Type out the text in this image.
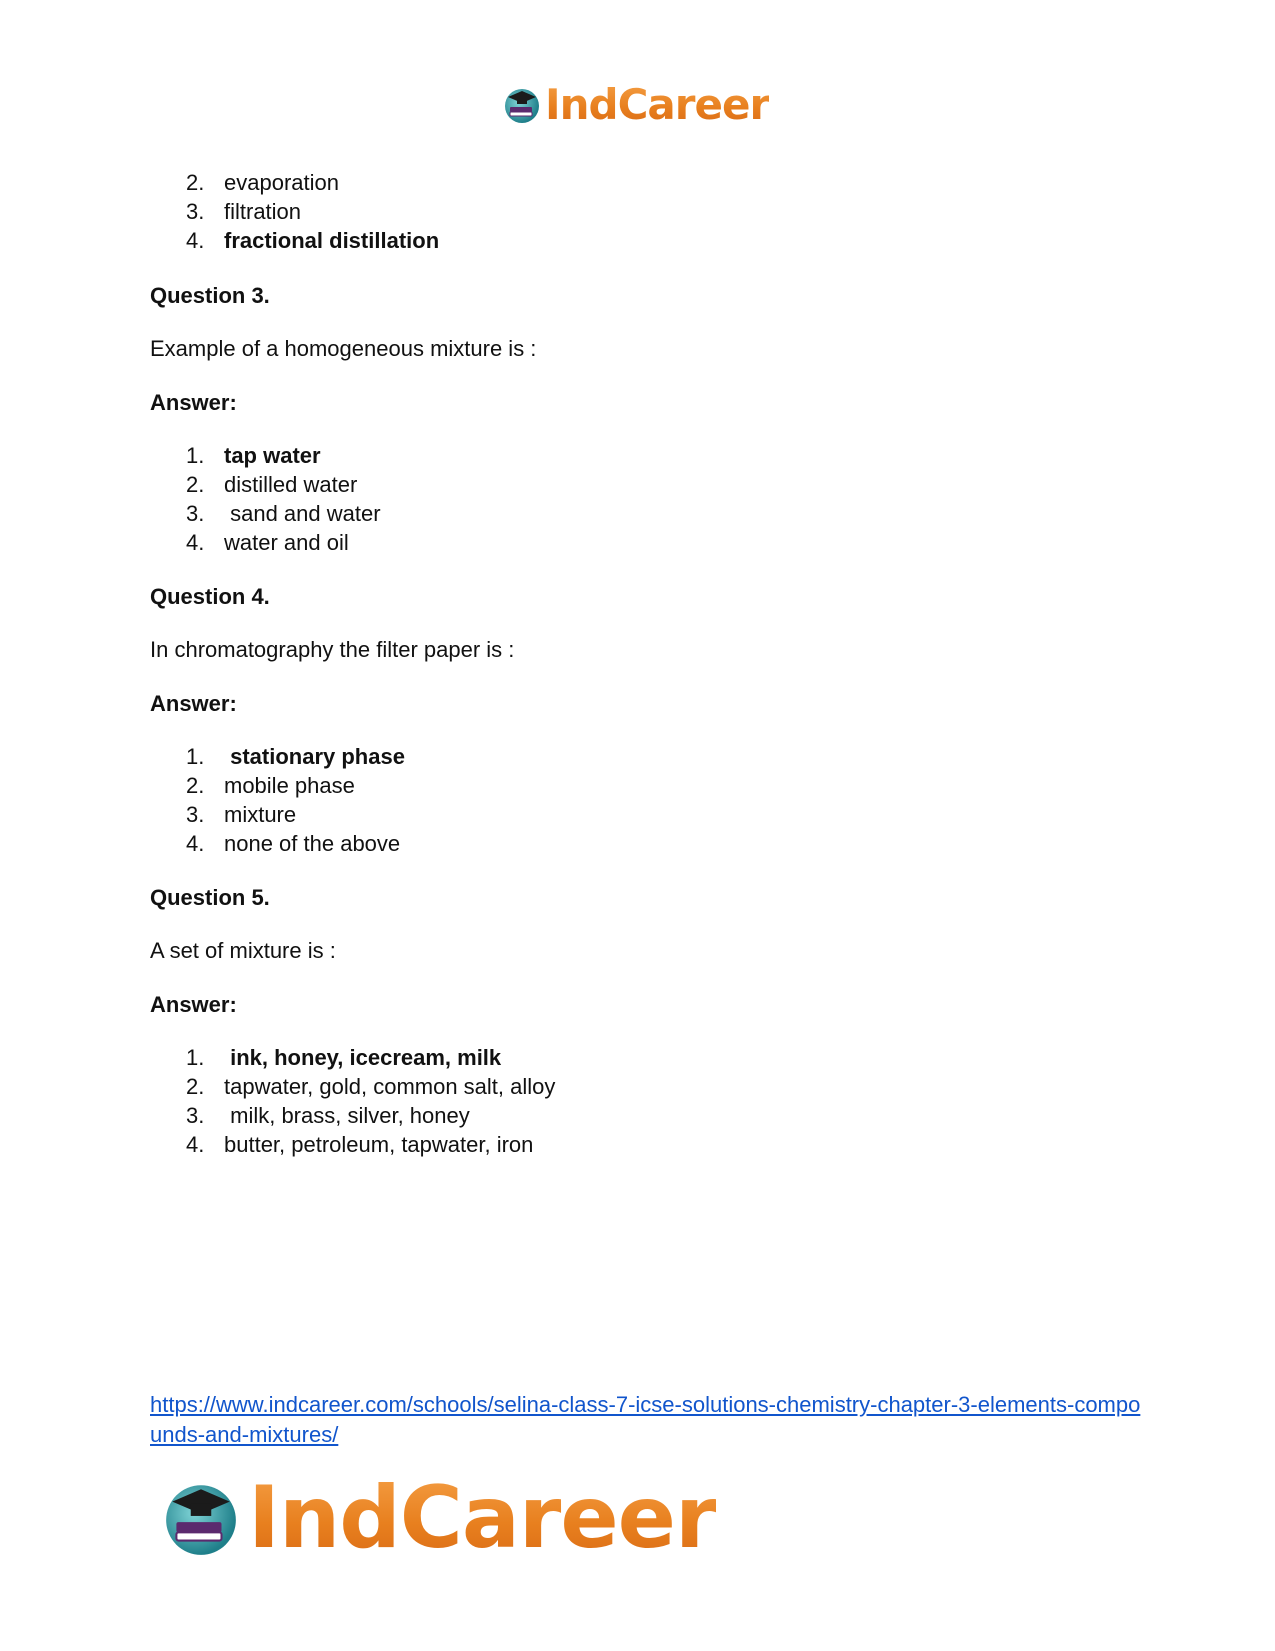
IndCareer
2. evaporation
3. filtration
4. fractional distillation
Question 3.
Example of a homogeneous mixture is :
Answer:
1. tap water
2. distilled water
3. sand and water
4. water and oil
Question 4.
In chromatography the filter paper is :
Answer:
1. stationary phase
2. mobile phase
3. mixture
4. none of the above
Question 5.
A set of mixture is :
Answer:
1. ink, honey, icecream, milk
2. tapwater, gold, common salt, alloy
3. milk, brass, silver, honey
4. butter, petroleum, tapwater, iron
https://www.indcareer.com/schools/selina-class-7-icse-solutions-chemistry-chapter-3-elements-compounds-and-mixtures/
IndCareer
